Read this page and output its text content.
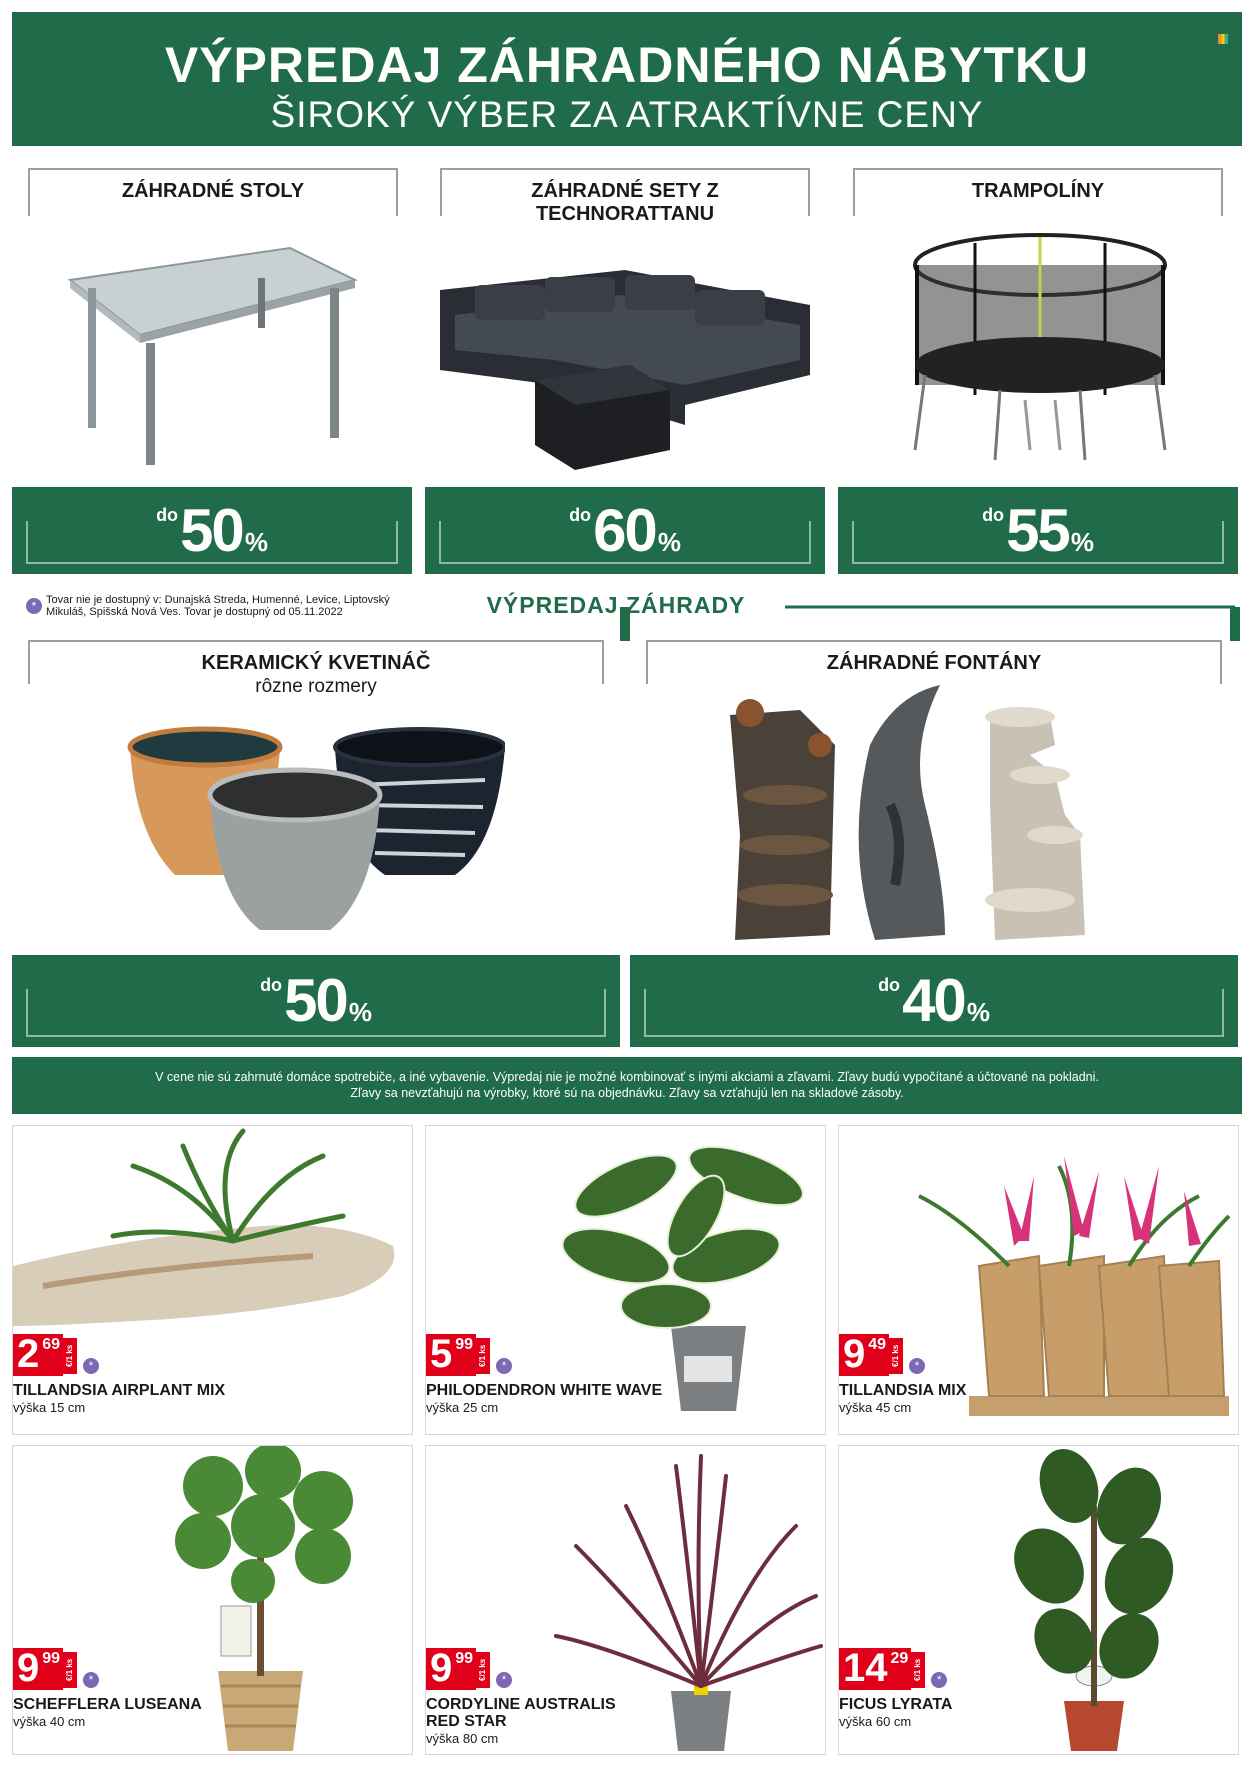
VÝPREDAJ ZÁHRADNÉHO NÁBYTKU
ŠIROKÝ VÝBER ZA ATRAKTÍVNE CENY
ZÁHRADNÉ STOLY	ZÁHRADNÉ SETY Z TECHNORATTANU
TRAMPOLÍNY
do50%
do60%
do55%
* Tovar nie je dostupný v: Dunajská Streda, Humenné, Levice, Liptovský Mikuláš, Spišská Nová Ves. Tovar je dostupný od 05.11.2022	VÝPREDAJ ZÁHRADY
KERAMICKÝ KVETINÁČ
rôzne rozmery
ZÁHRADNÉ FONTÁNY
do50%
do40%
V cene nie sú zahrnuté domáce spotrebiče, a iné vybavenie. Výpredaj nie je možné kombinovať s inými akciami a zľavami. Zľavy budú vypočítané a účtované na pokladni.
Zľavy sa nevzťahujú na výrobky, ktoré sú na objednávku. Zľavy sa vzťahujú len na skladové zásoby.
2 69
€/1 ks	*
TILLANDSIA AIRPLANT MIX
výška 15 cm
5 99
€/1 ks	*
PHILODENDRON WHITE WAVE
výška 25 cm
9 49
€/1 ks	*
TILLANDSIA MIX
výška 45 cm
9 99
€/1 ks	*
SCHEFFLERA LUSEANA
výška 40 cm
9 99
€/1 ks	*
CORDYLINE AUSTRALIS RED STAR
výška 80 cm
14 29
€/1 ks	*
FICUS LYRATA
výška 60 cm
